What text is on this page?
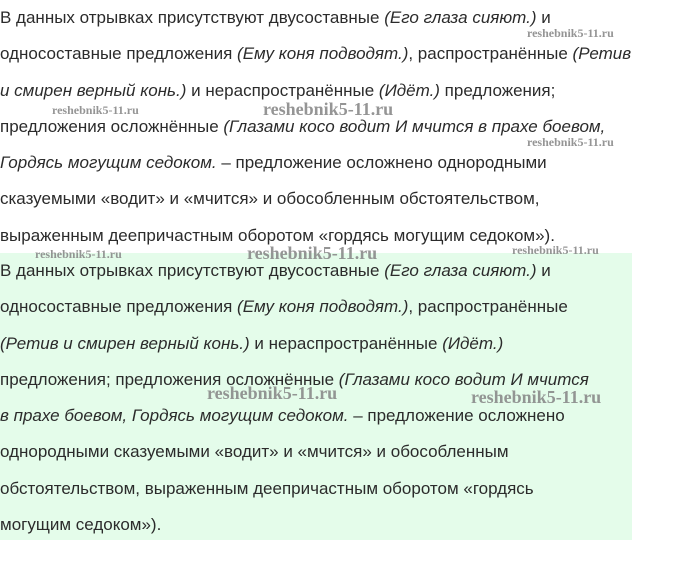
В данных отрывках присутствуют двусоставные (Его глаза сияют.) и
односоставные предложения (Ему коня подводят.), распространённые (Ретив
и смирен верный конь.) и нераспространённые (Идёт.) предложения;
предложения осложнённые (Глазами косо водит И мчится в прахе боевом,
Гордясь могущим седоком. – предложение осложнено однородными
сказуемыми «водит» и «мчится» и обособленным обстоятельством,
выраженным деепричастным оборотом «гордясь могущим седоком»).
В данных отрывках присутствуют двусоставные (Его глаза сияют.) и
односоставные предложения (Ему коня подводят.), распространённые
(Ретив и смирен верный конь.) и нераспространённые (Идёт.)
предложения; предложения осложнённые (Глазами косо водит И мчится
в прахе боевом, Гордясь могущим седоком. – предложение осложнено
однородными сказуемыми «водит» и «мчится» и обособленным
обстоятельством, выраженным деепричастным оборотом «гордясь
могущим седоком»).
reshebnik5-11.ru
reshebnik5-11.ru	reshebnik5-11.ru
reshebnik5-11.ru
reshebnik5-11.ru	reshebnik5-11.ru	reshebnik5-11.ru
reshebnik5-11.ru	reshebnik5-11.ru
